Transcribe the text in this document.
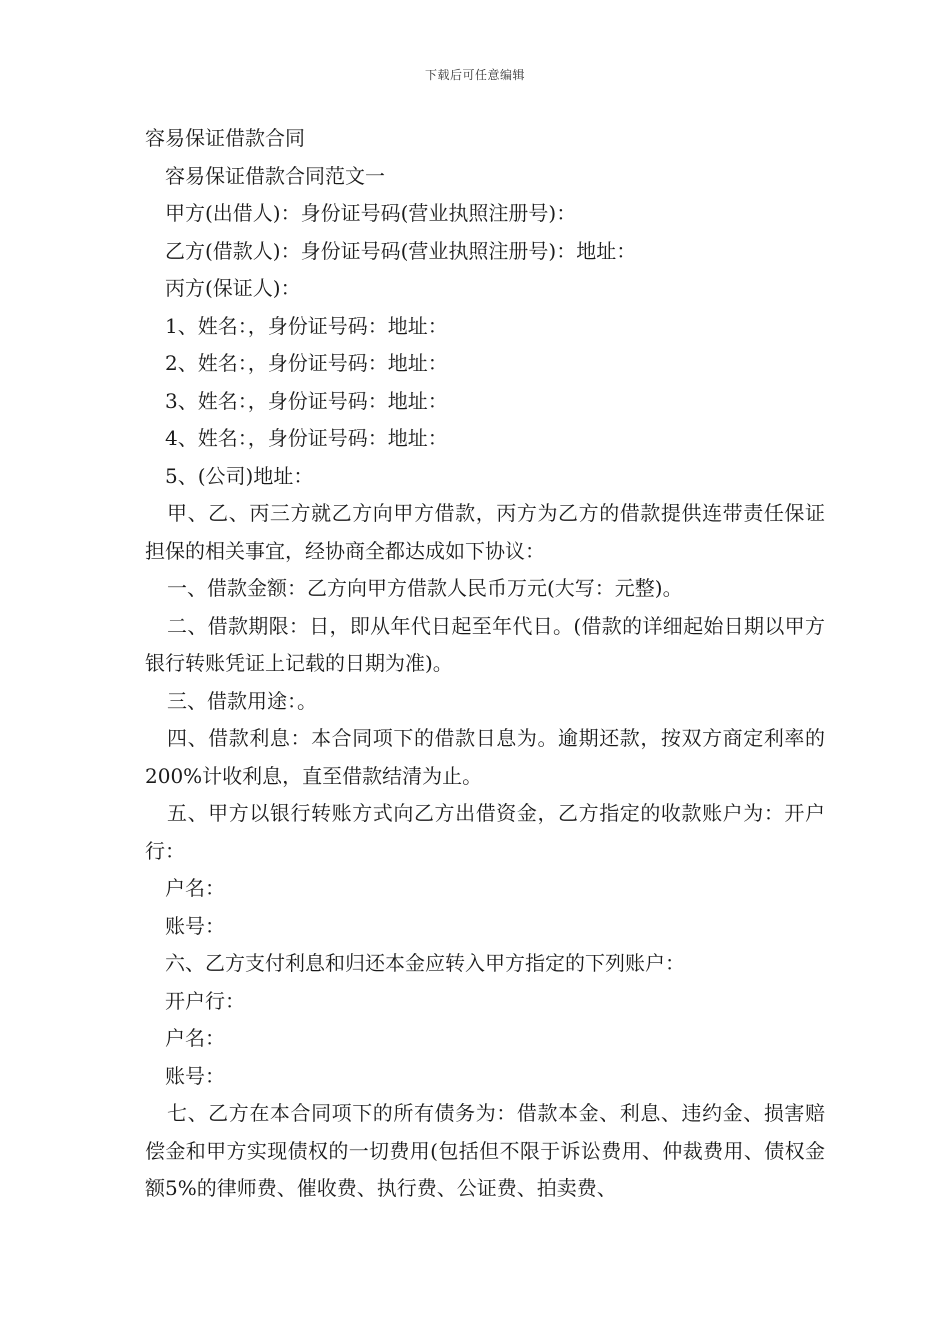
下载后可任意编辑

容易保证借款合同

容易保证借款合同范文一

甲方(出借人)：身份证号码(营业执照注册号)：

乙方(借款人)：身份证号码(营业执照注册号)：地址：

丙方(保证人)：

1、姓名：，身份证号码：地址：

2、姓名：，身份证号码：地址：

3、姓名：，身份证号码：地址：

4、姓名：，身份证号码：地址：

5、(公司)地址：

甲、乙、丙三方就乙方向甲方借款，丙方为乙方的借款提供连带责任保证担保的相关事宜，经协商全都达成如下协议：

一、借款金额：乙方向甲方借款人民币万元(大写：元整)。

二、借款期限：日，即从年代日起至年代日。(借款的详细起始日期以甲方银行转账凭证上记载的日期为准)。

三、借款用途：。

四、借款利息：本合同项下的借款日息为。逾期还款，按双方商定利率的200%计收利息，直至借款结清为止。

五、甲方以银行转账方式向乙方出借资金，乙方指定的收款账户为：开户行：

户名：

账号：

六、乙方支付利息和归还本金应转入甲方指定的下列账户：

开户行：

户名：

账号：

七、乙方在本合同项下的所有债务为：借款本金、利息、违约金、损害赔偿金和甲方实现债权的一切费用(包括但不限于诉讼费用、仲裁费用、债权金额5%的律师费、催收费、执行费、公证费、拍卖费、
